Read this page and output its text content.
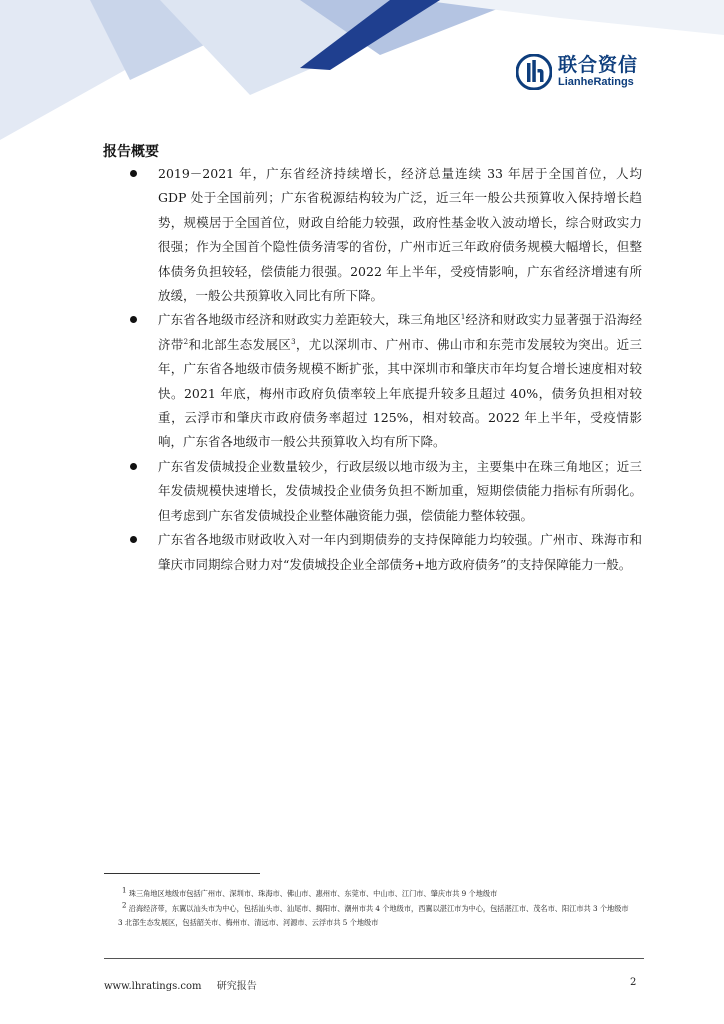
联合资信
LianheRatings
报告概要
2019－2021 年，广东省经济持续增长，经济总量连续 33 年居于全国首位，人均 GDP 处于全国前列；广东省税源结构较为广泛，近三年一般公共预算收入保持增长趋势，规模居于全国首位，财政自给能力较强，政府性基金收入波动增长，综合财政实力很强；作为全国首个隐性债务清零的省份，广州市近三年政府债务规模大幅增长，但整体债务负担较轻，偿债能力很强。2022 年上半年，受疫情影响，广东省经济增速有所放缓，一般公共预算收入同比有所下降。
广东省各地级市经济和财政实力差距较大，珠三角地区$^1$经济和财政实力显著强于沿海经济带$^2$和北部生态发展区$^3$，尤以深圳市、广州市、佛山市和东莞市发展较为突出。近三年，广东省各地级市债务规模不断扩张，其中深圳市和肇庆市年均复合增长速度相对较快。2021 年底，梅州市政府负债率较上年底提升较多且超过 40%，债务负担相对较重，云浮市和肇庆市政府债务率超过 125%，相对较高。2022 年上半年，受疫情影响，广东省各地级市一般公共预算收入均有所下降。
广东省发债城投企业数量较少，行政层级以地市级为主，主要集中在珠三角地区；近三年发债规模快速增长，发债城投企业债务负担不断加重，短期偿债能力指标有所弱化。但考虑到广东省发债城投企业整体融资能力强，偿债能力整体较强。
广东省各地级市财政收入对一年内到期债券的支持保障能力均较强。广州市、珠海市和肇庆市同期综合财力对“发债城投企业全部债务+地方政府债务”的支持保障能力一般。

$^1$ 珠三角地区地级市包括广州市、深圳市、珠海市、佛山市、惠州市、东莞市、中山市、江门市、肇庆市共 9 个地级市

$^2$ 沿海经济带，东翼以汕头市为中心，包括汕头市、汕尾市、揭阳市、潮州市共 4 个地级市，西翼以湛江市为中心，包括湛江市、茂名市、阳江市共 3 个地级市

3 北部生态发展区，包括韶关市、梅州市、清远市、河源市、云浮市共 5 个地级市

www.lhratings.com 研究报告	2
